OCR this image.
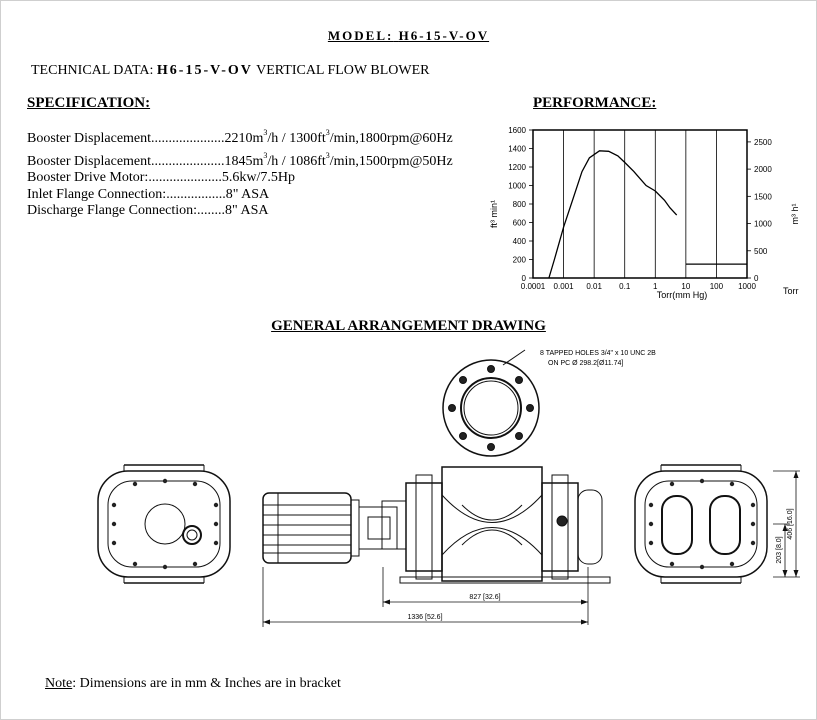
MODEL: H6-15-V-OV
TECHNICAL DATA: H6-15-V-OV VERTICAL FLOW BLOWER
SPECIFICATION:	PERFORMANCE:
Booster $Displacement.....................2210m^3/h$ / $1300ft^3/\min,1800rpm@60Hz$
Booster $Displacement.....................1845m^3/h$ / $1086ft^3/\min,1500rpm@50Hz$
Booster Drive Motor:.....................5.6kw/7.5Hp
Inlet Flange Connection:.................8" ASA
Discharge Flange Connection:........8" ASA
0
200
400
600
800
1000
1200
1400
1600
0
500
1000
1500
2000
2500
0.0001 0.001 0.01 0.1	1	10 100 1000
Torr(mm Hg)	Torr
ft³ min¹	m³ h¹
GENERAL ARRANGEMENT DRAWING
8 TAPPED HOLES 3/4" x 10 UNC 2B
ON PC Ø 298.2[Ø11.74]
827 [32.6]
1336 [52.6]
203 [8.0]
406 [16.0]
Note: Dimensions are in mm & Inches are in bracket
